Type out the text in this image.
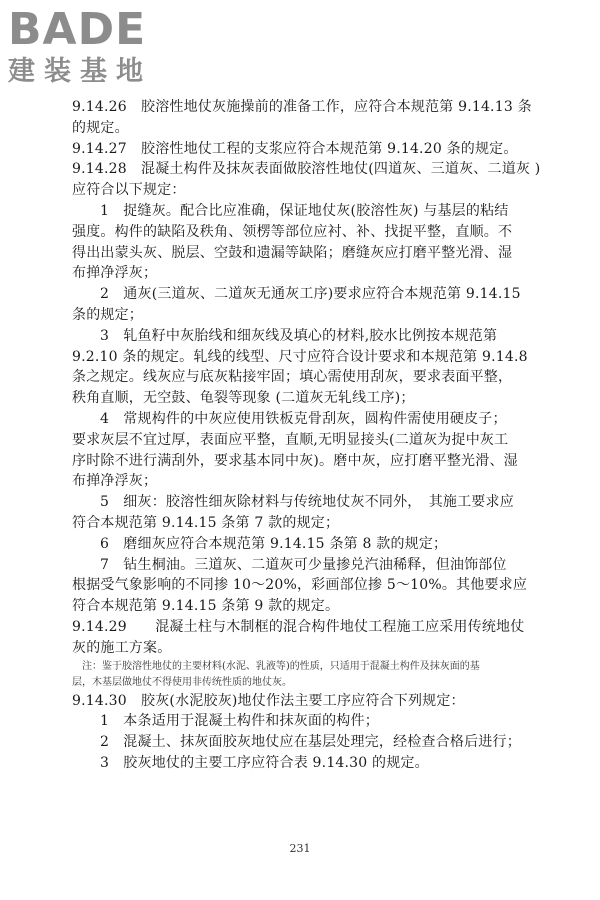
BADE
建装基地
9.14.26　胶溶性地仗灰施操前的准备工作，应符合本规范第 9.14.13 条
的规定。
9.14.27　胶溶性地仗工程的支浆应符合本规范第 9.14.20 条的规定。
9.14.28　混凝土构件及抹灰表面做胶溶性地仗(四道灰、三道灰、二道灰 )
应符合以下规定：
1　捉缝灰。配合比应准确，保证地仗灰(胶溶性灰) 与基层的粘结
强度。构件的缺陷及秩角、领楞等部位应衬、补、找捉平整，直顺。不
得出出蒙头灰、脱层、空鼓和遗漏等缺陷；磨缝灰应打磨平整光滑、湿
布掸净浮灰；
2　通灰(三道灰、二道灰无通灰工序)要求应符合本规范第 9.14.15
条的规定；
3　轧鱼籽中灰胎线和细灰线及填心的材料,胶水比例按本规范第
9.2.10 条的规定。轧线的线型、尺寸应符合设计要求和本规范第 9.14.8
条之规定。线灰应与底灰粘接牢固；填心需使用刮灰，要求表面平整，
秩角直顺，无空鼓、龟裂等现象 (二道灰无轧线工序)；
4　常规构件的中灰应使用铁板克骨刮灰，圆构件需使用硬皮子；
要求灰层不宜过厚，表面应平整，直顺,无明显接头(二道灰为捉中灰工
序时除不进行满刮外，要求基本同中灰)。磨中灰，应打磨平整光滑、湿
布掸净浮灰；
5　细灰：胶溶性细灰除材料与传统地仗灰不同外，　其施工要求应
符合本规范第 9.14.15 条第 7 款的规定；
6　磨细灰应符合本规范第 9.14.15 条第 8 款的规定；
7　钻生桐油。三道灰、二道灰可少量掺兑汽油稀释，但油饰部位
根据受气象影响的不同掺 10～20%，彩画部位掺 5～10%。其他要求应
符合本规范第 9.14.15 条第 9 款的规定。
9.14.29　　混凝土柱与木制框的混合构件地仗工程施工应采用传统地仗
灰的施工方案。
　注：鉴于胶溶性地仗的主要材料(水泥、乳液等)的性质，只适用于混凝土构件及抹灰面的基
层，木基层做地仗不得使用非传统性质的地仗灰。
9.14.30　胶灰(水泥胶灰)地仗作法主要工序应符合下列规定：
1　本条适用于混凝土构件和抹灰面的构件；
2　混凝土、抹灰面胶灰地仗应在基层处理完，经检查合格后进行；
3　胶灰地仗的主要工序应符合表 9.14.30 的规定。
231
